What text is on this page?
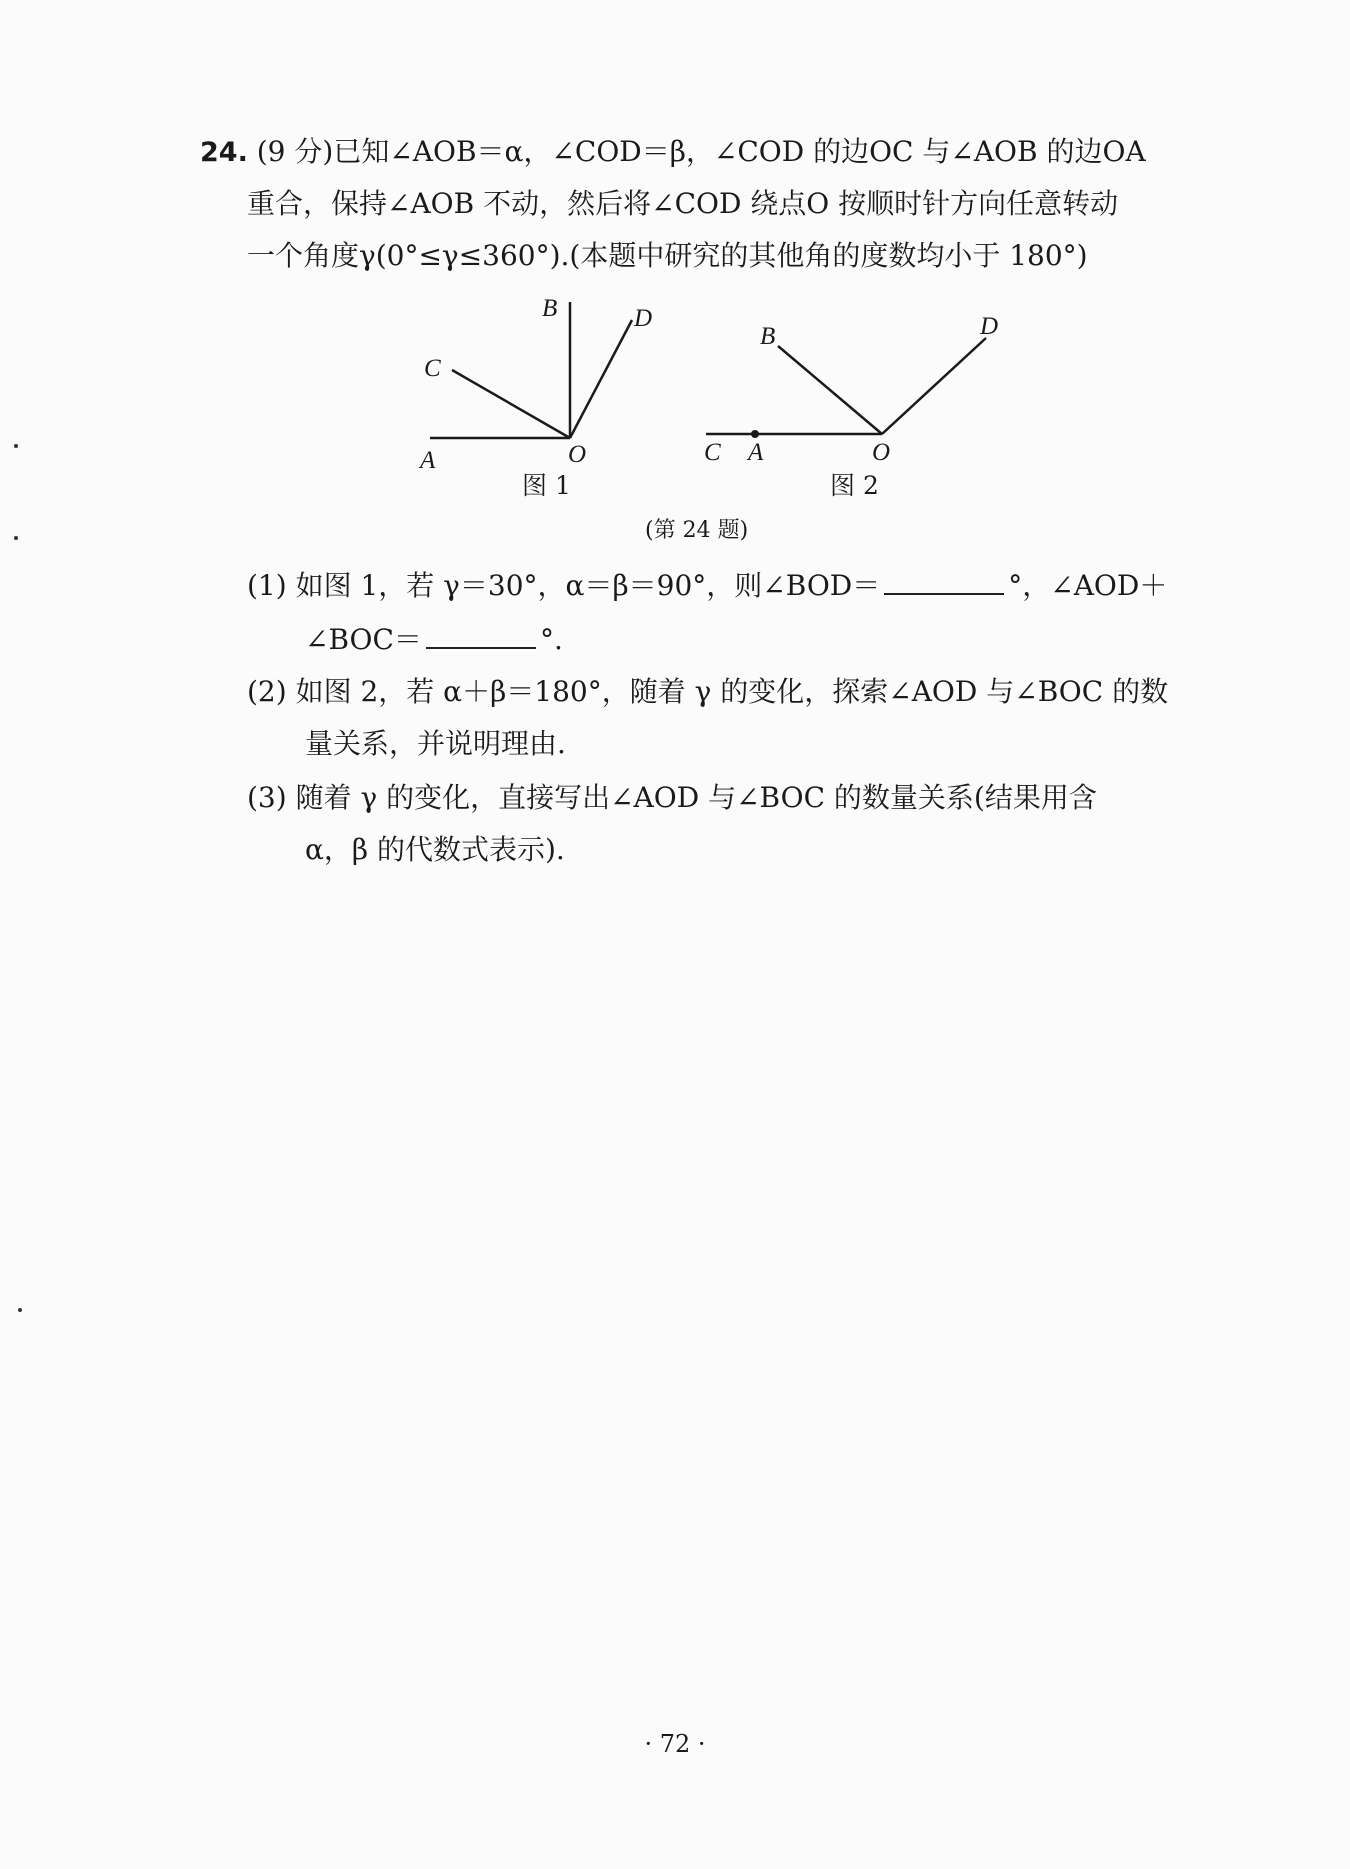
24. (9 分)已知∠AOB＝α，∠COD＝β，∠COD 的边OC 与∠AOB 的边OA
重合，保持∠AOB 不动，然后将∠COD 绕点O 按顺时针方向任意转动
一个角度γ(0°≤γ≤360°).(本题中研究的其他角的度数均小于 180°)
B	D
C
A	O
图 1
B	D
C A	O
图 2
(第 24 题)
(1) 如图 1，若 γ＝30°，α＝β＝90°，则∠BOD＝	°，∠AOD＋
∠BOC＝	°.
(2) 如图 2，若 α＋β＝180°，随着 γ 的变化，探索∠AOD 与∠BOC 的数
量关系，并说明理由.
(3) 随着 γ 的变化，直接写出∠AOD 与∠BOC 的数量关系(结果用含
α，β 的代数式表示).
· 72 ·
